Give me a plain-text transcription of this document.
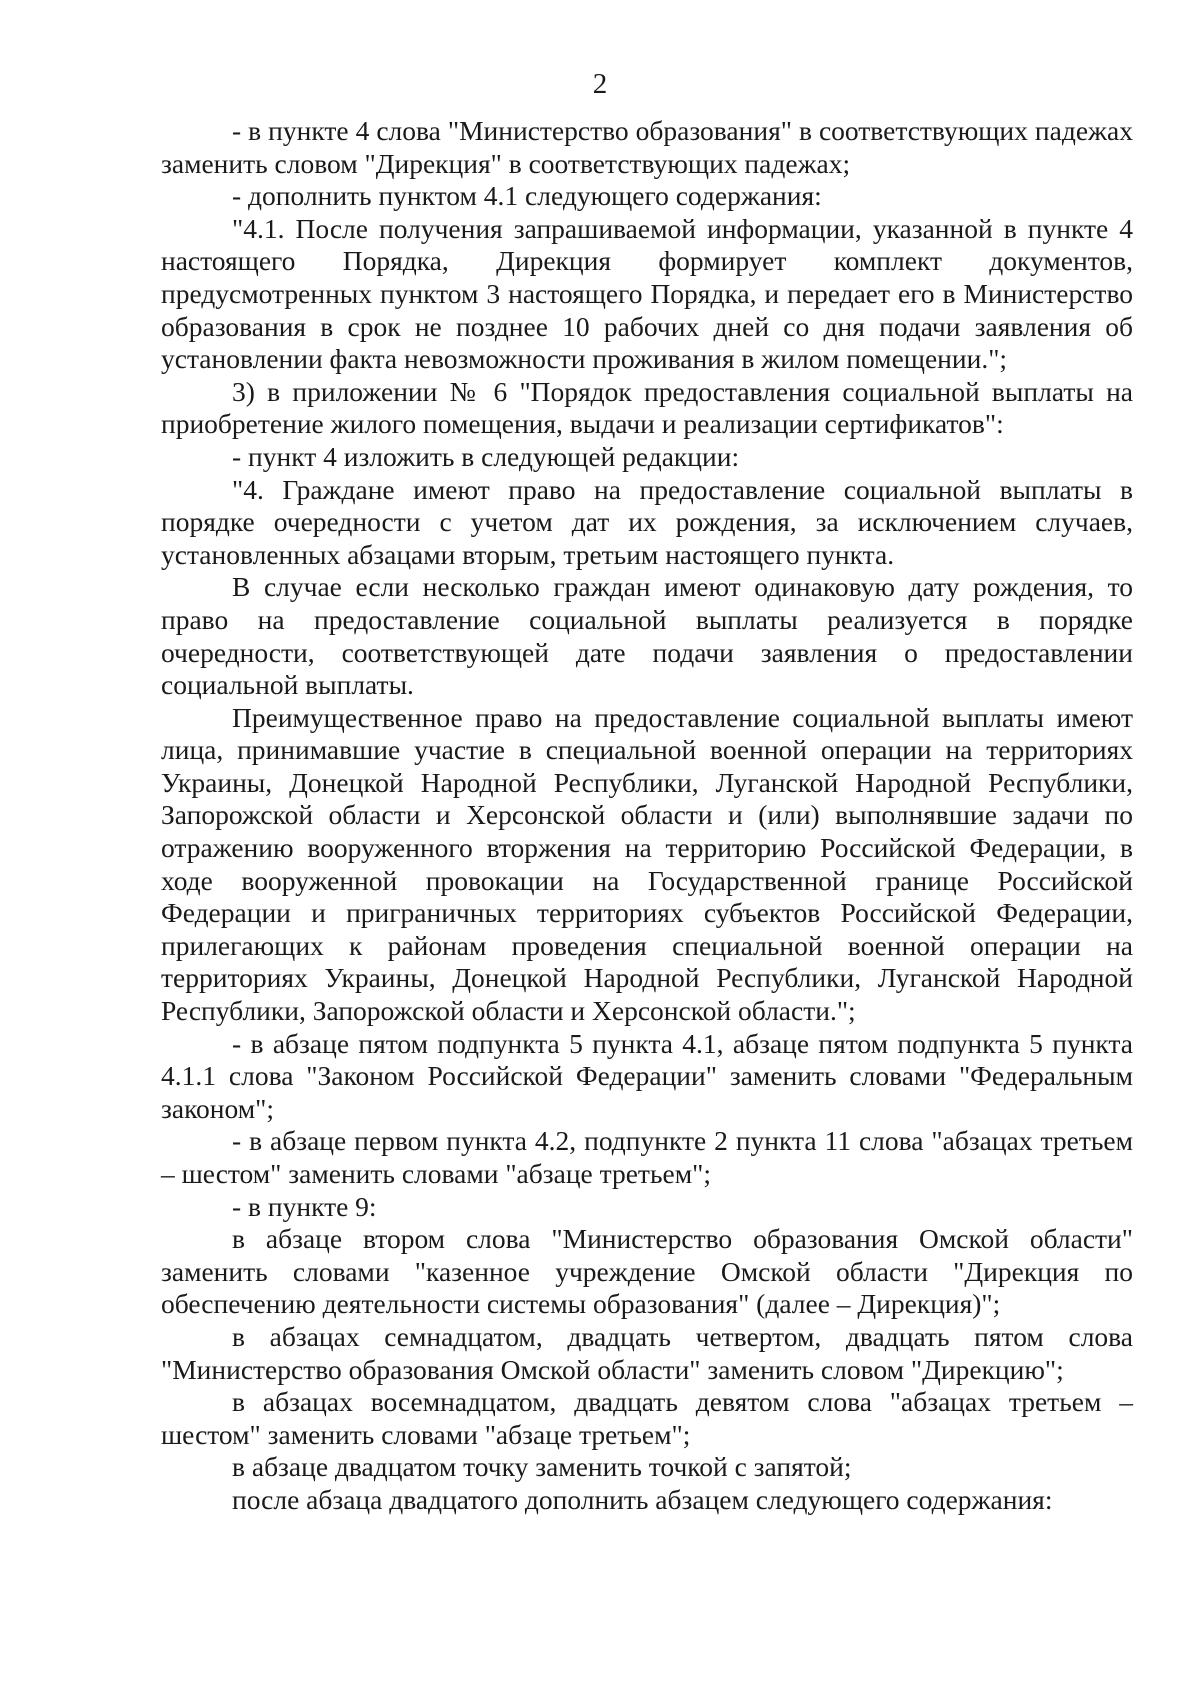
2

- в пункте 4 слова "Министерство образования" в соответствующих падежах заменить словом "Дирекция" в соответствующих падежах;

- дополнить пунктом 4.1 следующего содержания:

"4.1. После получения запрашиваемой информации, указанной в пункте 4 настоящего Порядка, Дирекция формирует комплект документов, предусмотренных пунктом 3 настоящего Порядка, и передает его в Министерство образования в срок не позднее 10 рабочих дней со дня подачи заявления об установлении факта невозможности проживания в жилом помещении.";

3) в приложении № 6 "Порядок предоставления социальной выплаты на приобретение жилого помещения, выдачи и реализации сертификатов":

- пункт 4 изложить в следующей редакции:

"4. Граждане имеют право на предоставление социальной выплаты в порядке очередности с учетом дат их рождения, за исключением случаев, установленных абзацами вторым, третьим настоящего пункта.

В случае если несколько граждан имеют одинаковую дату рождения, то право на предоставление социальной выплаты реализуется в порядке очередности, соответствующей дате подачи заявления о предоставлении социальной выплаты.

Преимущественное право на предоставление социальной выплаты имеют лица, принимавшие участие в специальной военной операции на территориях Украины, Донецкой Народной Республики, Луганской Народной Республики, Запорожской области и Херсонской области и (или) выполнявшие задачи по отражению вооруженного вторжения на территорию Российской Федерации, в ходе вооруженной провокации на Государственной границе Российской Федерации и приграничных территориях субъектов Российской Федерации, прилегающих к районам проведения специальной военной операции на территориях Украины, Донецкой Народной Республики, Луганской Народной Республики, Запорожской области и Херсонской области.";

- в абзаце пятом подпункта 5 пункта 4.1, абзаце пятом подпункта 5 пункта 4.1.1 слова "Законом Российской Федерации" заменить словами "Федеральным законом";

- в абзаце первом пункта 4.2, подпункте 2 пункта 11 слова "абзацах третьем – шестом" заменить словами "абзаце третьем";

- в пункте 9:

в абзаце втором слова "Министерство образования Омской области" заменить словами "казенное учреждение Омской области "Дирекция по обеспечению деятельности системы образования" (далее – Дирекция)";

в абзацах семнадцатом, двадцать четвертом, двадцать пятом слова "Министерство образования Омской области" заменить словом "Дирекцию";

в абзацах восемнадцатом, двадцать девятом слова "абзацах третьем – шестом" заменить словами "абзаце третьем";

в абзаце двадцатом точку заменить точкой с запятой;

после абзаца двадцатого дополнить абзацем следующего содержания:
